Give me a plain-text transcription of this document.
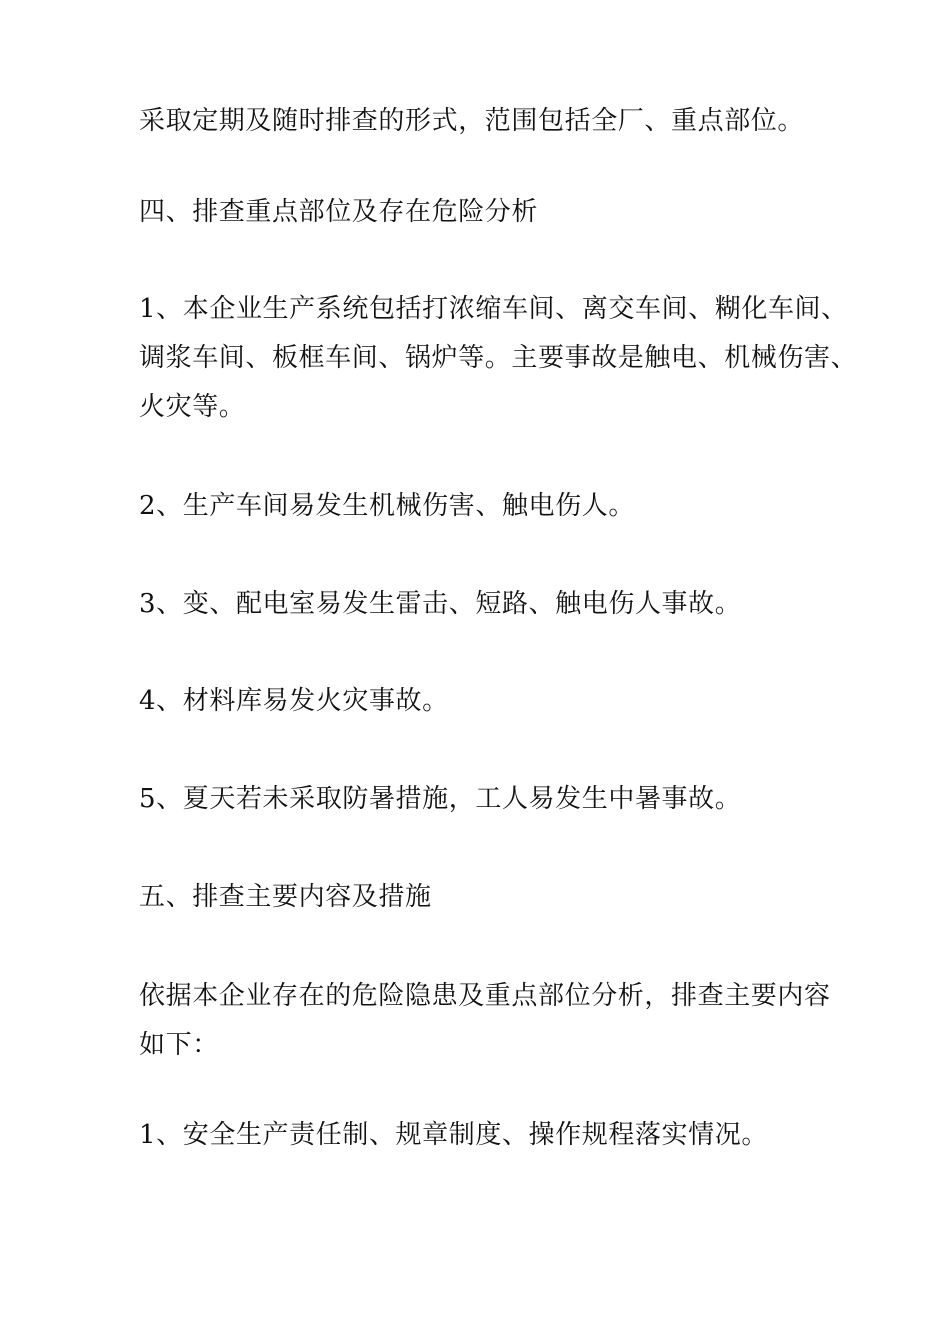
采取定期及随时排查的形式，范围包括全厂、重点部位。

四、排查重点部位及存在危险分析

1、本企业生产系统包括打浓缩车间、离交车间、糊化车间、
调浆车间、板框车间、锅炉等。主要事故是触电、机械伤害、
火灾等。

2、生产车间易发生机械伤害、触电伤人。

3、变、配电室易发生雷击、短路、触电伤人事故。

4、材料库易发火灾事故。

5、夏天若未采取防暑措施，工人易发生中暑事故。

五、排查主要内容及措施

依据本企业存在的危险隐患及重点部位分析，排查主要内容
如下：

1、安全生产责任制、规章制度、操作规程落实情况。
